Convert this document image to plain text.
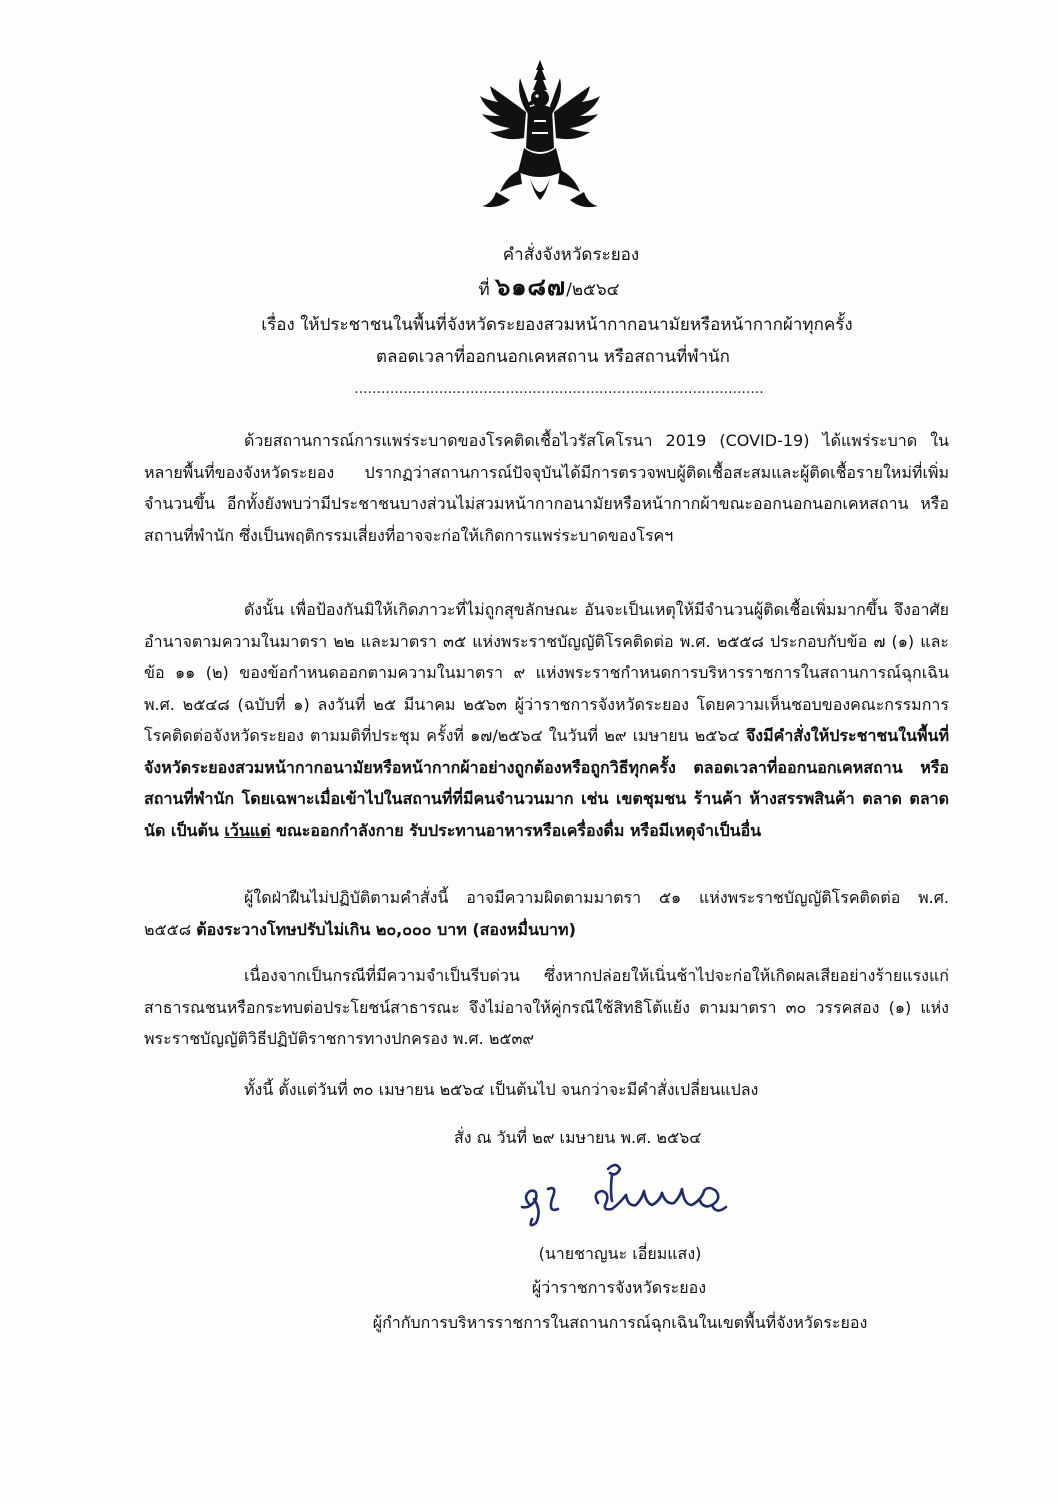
คำสั่งจังหวัดระยอง
ที่ ๖๑๘๗/๒๕๖๔
เรื่อง ให้ประชาชนในพื้นที่จังหวัดระยองสวมหน้ากากอนามัยหรือหน้ากากผ้าทุกครั้ง
ตลอดเวลาที่ออกนอกเคหสถาน หรือสถานที่พำนัก
............................................................................................

ด้วยสถานการณ์การแพร่ระบาดของโรคติดเชื้อไวรัสโคโรนา 2019 (COVID-19) ได้แพร่ระบาด ในหลายพื้นที่ของจังหวัดระยอง ปรากฏว่าสถานการณ์ปัจจุบันได้มีการตรวจพบผู้ติดเชื้อสะสมและผู้ติดเชื้อรายใหม่ที่เพิ่มจำนวนขึ้น อีกทั้งยังพบว่ามีประชาชนบางส่วนไม่สวมหน้ากากอนามัยหรือหน้ากากผ้าขณะออกนอกนอกเคหสถาน หรือสถานที่พำนัก ซึ่งเป็นพฤติกรรมเสี่ยงที่อาจจะก่อให้เกิดการแพร่ระบาดของโรคฯ

ดังนั้น เพื่อป้องกันมิให้เกิดภาวะที่ไม่ถูกสุขลักษณะ อันจะเป็นเหตุให้มีจำนวนผู้ติดเชื้อเพิ่มมากขึ้น จึงอาศัยอำนาจตามความในมาตรา ๒๒ และมาตรา ๓๕ แห่งพระราชบัญญัติโรคติดต่อ พ.ศ. ๒๕๕๘ ประกอบกับข้อ ๗ (๑) และข้อ ๑๑ (๒) ของข้อกำหนดออกตามความในมาตรา ๙ แห่งพระราชกำหนดการบริหารราชการในสถานการณ์ฉุกเฉิน พ.ศ. ๒๕๔๘ (ฉบับที่ ๑) ลงวันที่ ๒๕ มีนาคม ๒๕๖๓ ผู้ว่าราชการจังหวัดระยอง โดยความเห็นชอบของคณะกรรมการโรคติดต่อจังหวัดระยอง ตามมติที่ประชุม ครั้งที่ ๑๗/๒๕๖๔ ในวันที่ ๒๙ เมษายน ๒๕๖๔ จึงมีคำสั่งให้ประชาชนในพื้นที่จังหวัดระยองสวมหน้ากากอนามัยหรือหน้ากากผ้าอย่างถูกต้องหรือถูกวิธีทุกครั้ง ตลอดเวลาที่ออกนอกเคหสถาน หรือสถานที่พำนัก โดยเฉพาะเมื่อเข้าไปในสถานที่ที่มีคนจำนวนมาก เช่น เขตชุมชน ร้านค้า ห้างสรรพสินค้า ตลาด ตลาดนัด เป็นต้น เว้นแต่ ขณะออกกำลังกาย รับประทานอาหารหรือเครื่องดื่ม หรือมีเหตุจำเป็นอื่น

ผู้ใดฝ่าฝืนไม่ปฏิบัติตามคำสั่งนี้ อาจมีความผิดตามมาตรา ๕๑ แห่งพระราชบัญญัติโรคติดต่อ พ.ศ. ๒๕๕๘ ต้องระวางโทษปรับไม่เกิน ๒๐,๐๐๐ บาท (สองหมื่นบาท)

เนื่องจากเป็นกรณีที่มีความจำเป็นรีบด่วน ซึ่งหากปล่อยให้เนิ่นช้าไปจะก่อให้เกิดผลเสียอย่างร้ายแรงแก่สาธารณชนหรือกระทบต่อประโยชน์สาธารณะ จึงไม่อาจให้คู่กรณีใช้สิทธิโต้แย้ง ตามมาตรา ๓๐ วรรคสอง (๑) แห่งพระราชบัญญัติวิธีปฏิบัติราชการทางปกครอง พ.ศ. ๒๕๓๙

ทั้งนี้ ตั้งแต่วันที่ ๓๐ เมษายน ๒๕๖๔ เป็นต้นไป จนกว่าจะมีคำสั่งเปลี่ยนแปลง

สั่ง ณ วันที่ ๒๙ เมษายน พ.ศ. ๒๕๖๔
(นายชาญนะ เอี่ยมแสง)
ผู้ว่าราชการจังหวัดระยอง
ผู้กำกับการบริหารราชการในสถานการณ์ฉุกเฉินในเขตพื้นที่จังหวัดระยอง
